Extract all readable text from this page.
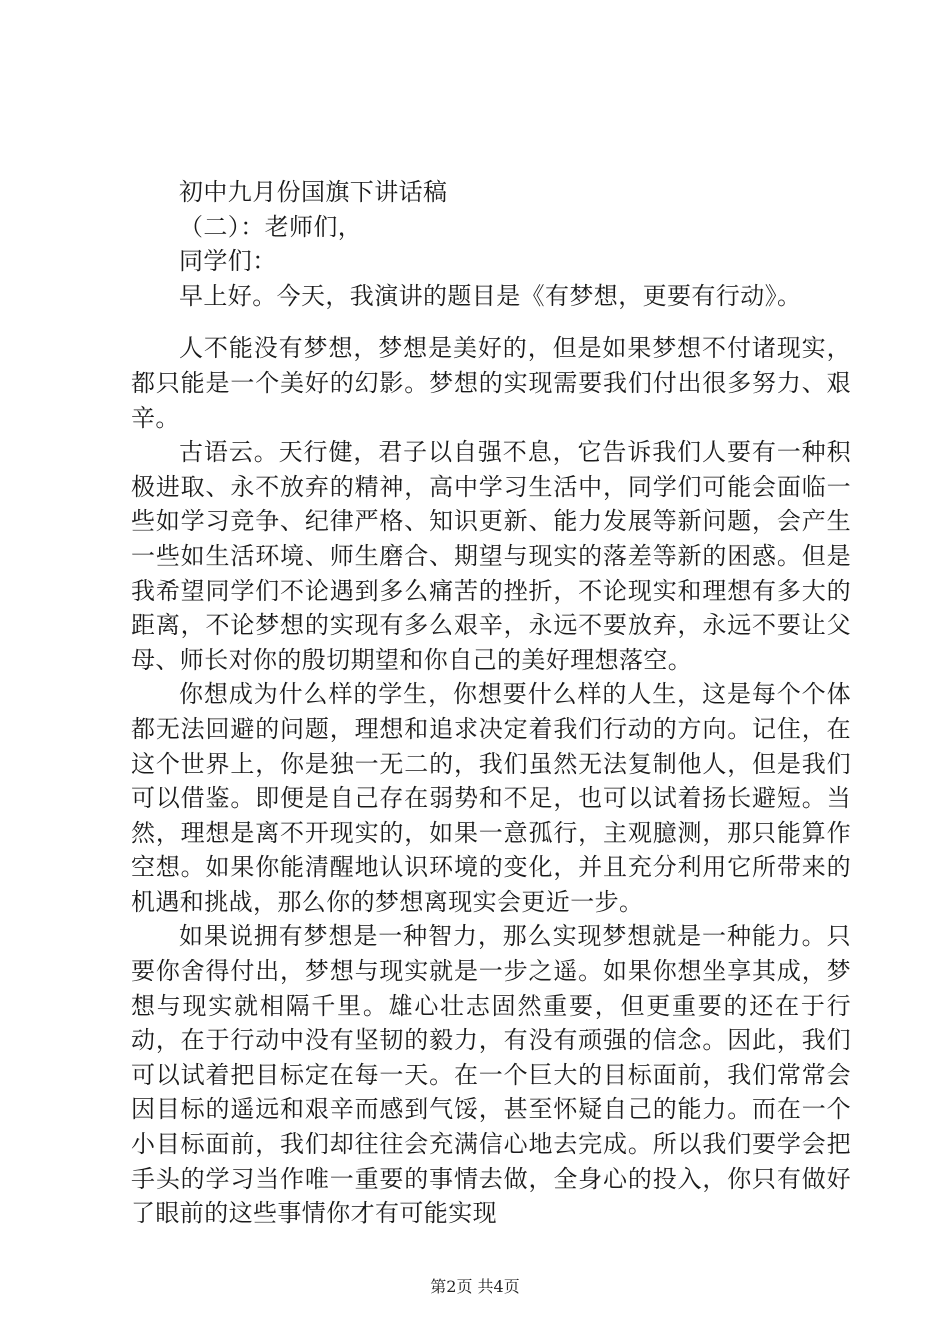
初中九月份国旗下讲话稿

（二）：老师们，

同学们：

早上好。今天，我演讲的题目是《有梦想，更要有行动》。

人不能没有梦想，梦想是美好的，但是如果梦想不付诸现实，都只能是一个美好的幻影。梦想的实现需要我们付出很多努力、艰辛。

古语云。天行健，君子以自强不息，它告诉我们人要有一种积极进取、永不放弃的精神，高中学习生活中，同学们可能会面临一些如学习竞争、纪律严格、知识更新、能力发展等新问题，会产生一些如生活环境、师生磨合、期望与现实的落差等新的困惑。但是我希望同学们不论遇到多么痛苦的挫折，不论现实和理想有多大的距离，不论梦想的实现有多么艰辛，永远不要放弃，永远不要让父母、师长对你的殷切期望和你自己的美好理想落空。

你想成为什么样的学生，你想要什么样的人生，这是每个个体都无法回避的问题，理想和追求决定着我们行动的方向。记住，在这个世界上，你是独一无二的，我们虽然无法复制他人，但是我们可以借鉴。即便是自己存在弱势和不足，也可以试着扬长避短。当然，理想是离不开现实的，如果一意孤行，主观臆测，那只能算作空想。如果你能清醒地认识环境的变化，并且充分利用它所带来的机遇和挑战，那么你的梦想离现实会更近一步。

如果说拥有梦想是一种智力，那么实现梦想就是一种能力。只要你舍得付出，梦想与现实就是一步之遥。如果你想坐享其成，梦想与现实就相隔千里。雄心壮志固然重要，但更重要的还在于行动，在于行动中没有坚韧的毅力，有没有顽强的信念。因此，我们可以试着把目标定在每一天。在一个巨大的目标面前，我们常常会因目标的遥远和艰辛而感到气馁，甚至怀疑自己的能力。而在一个小目标面前，我们却往往会充满信心地去完成。所以我们要学会把手头的学习当作唯一重要的事情去做，全身心的投入，你只有做好了眼前的这些事情你才有可能实现

第2页 共4页
